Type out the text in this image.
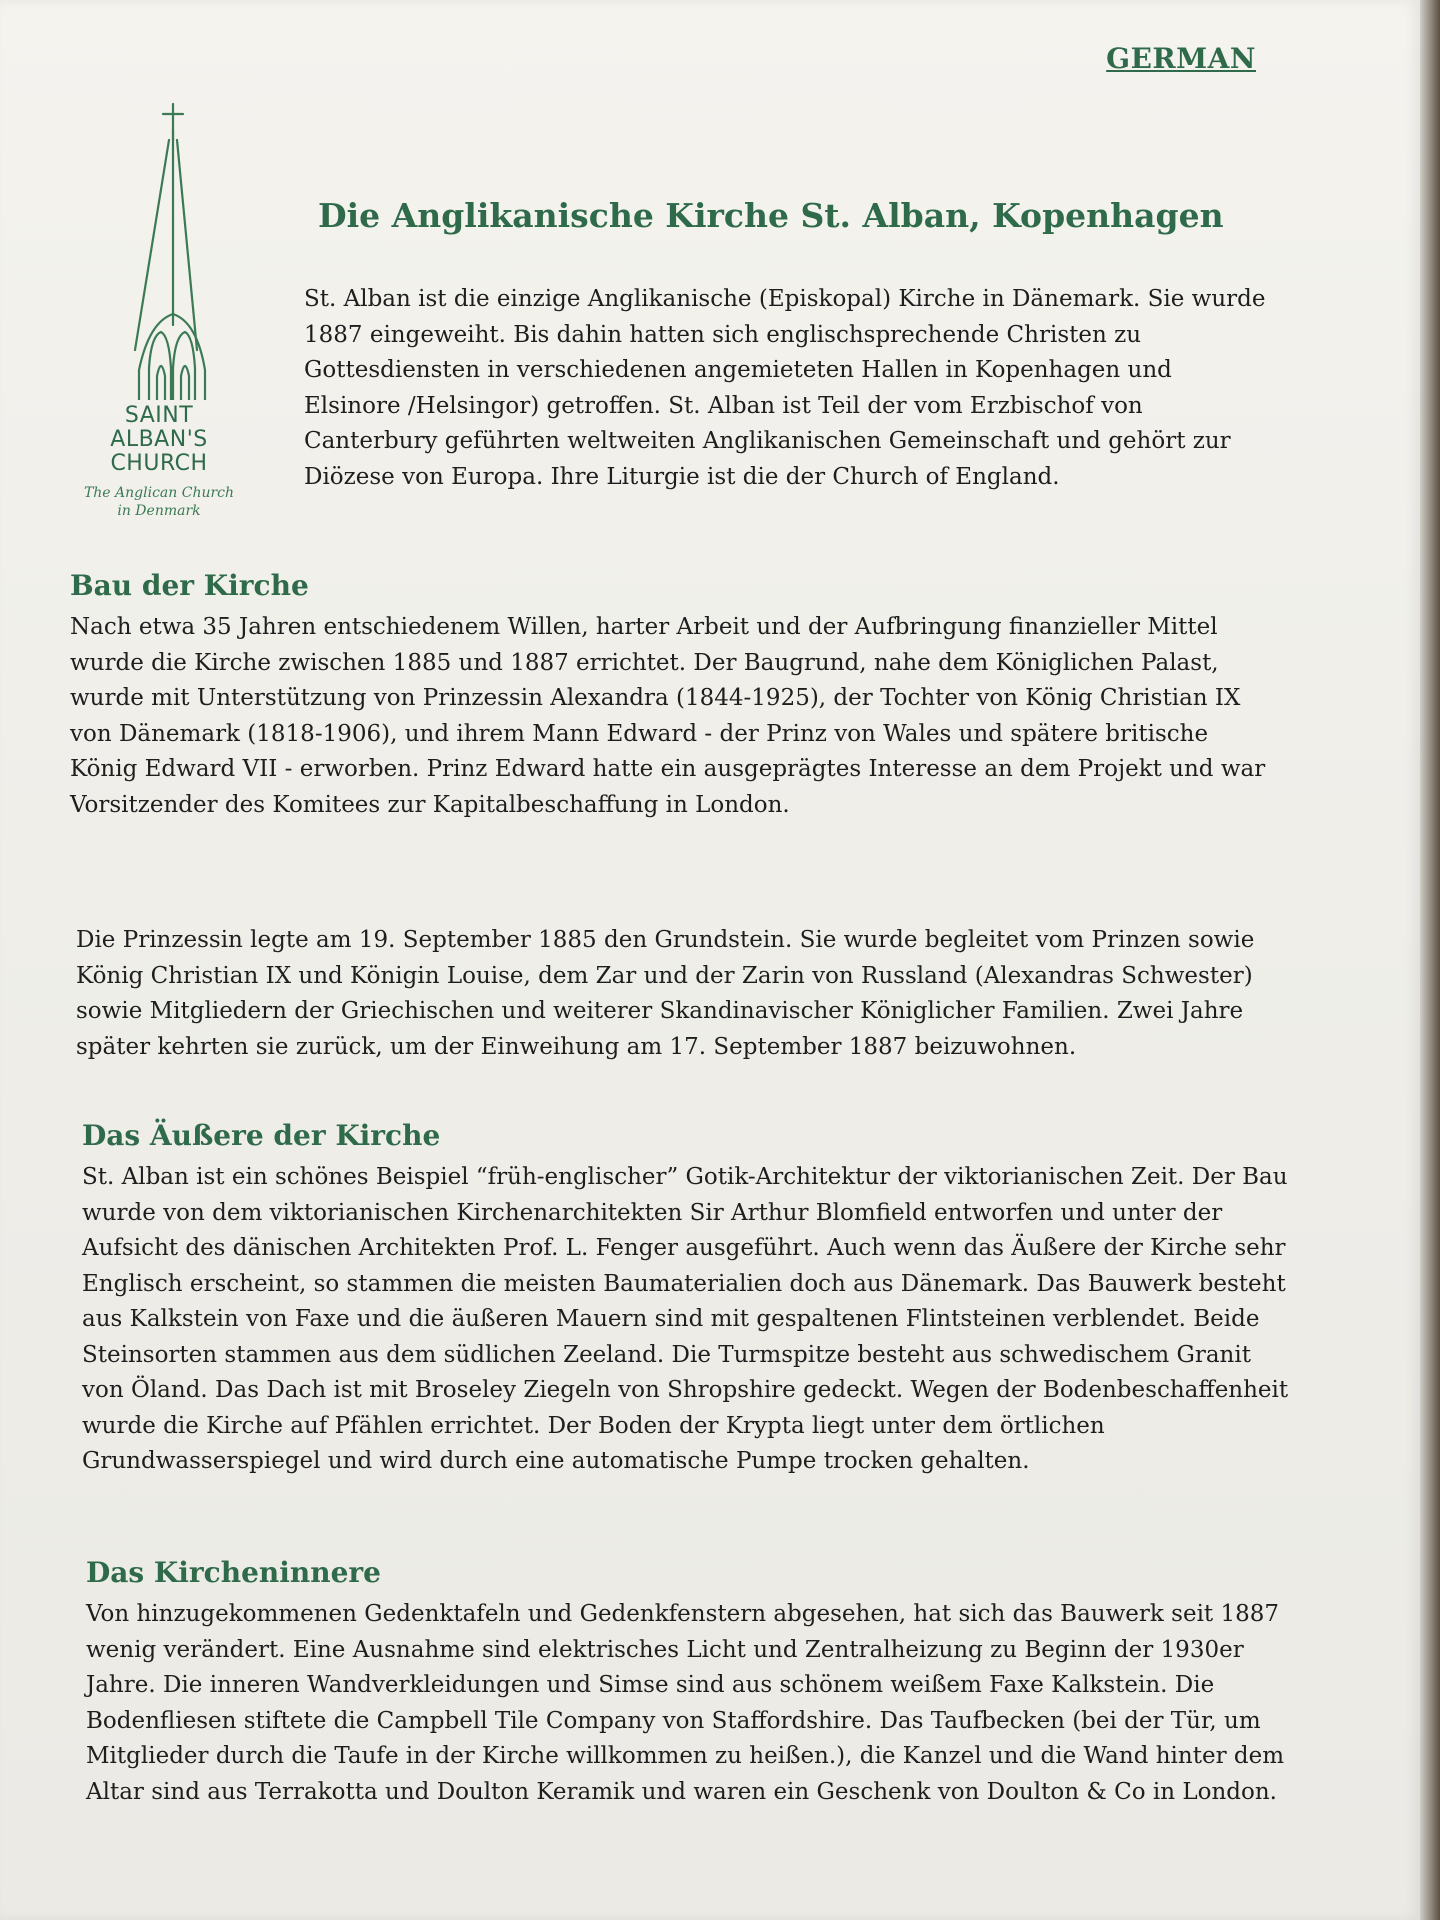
GERMAN
SAINT
ALBAN'S
CHURCH
The Anglican Church
in Denmark
Die Anglikanische Kirche St. Alban, Kopenhagen

St. Alban ist die einzige Anglikanische (Episkopal) Kirche in Dänemark. Sie wurde 1887 eingeweiht. Bis dahin hatten sich englischsprechende Christen zu Gottesdiensten in verschiedenen angemieteten Hallen in Kopenhagen und Elsinore /Helsingor) getroffen. St. Alban ist Teil der vom Erzbischof von Canterbury geführten weltweiten Anglikanischen Gemeinschaft und gehört zur Diözese von Europa. Ihre Liturgie ist die der Church of England.

Bau der Kirche

Nach etwa 35 Jahren entschiedenem Willen, harter Arbeit und der Aufbringung finanzieller Mittel wurde die Kirche zwischen 1885 und 1887 errichtet. Der Baugrund, nahe dem Königlichen Palast, wurde mit Unterstützung von Prinzessin Alexandra (1844-1925), der Tochter von König Christian IX von Dänemark (1818-1906), und ihrem Mann Edward - der Prinz von Wales und spätere britische König Edward VII - erworben. Prinz Edward hatte ein ausgeprägtes Interesse an dem Projekt und war Vorsitzender des Komitees zur Kapitalbeschaffung in London.

Die Prinzessin legte am 19. September 1885 den Grundstein. Sie wurde begleitet vom Prinzen sowie König Christian IX und Königin Louise, dem Zar und der Zarin von Russland (Alexandras Schwester) sowie Mitgliedern der Griechischen und weiterer Skandinavischer Königlicher Familien. Zwei Jahre später kehrten sie zurück, um der Einweihung am 17. September 1887 beizuwohnen.

Das Äußere der Kirche

St. Alban ist ein schönes Beispiel “früh-englischer” Gotik-Architektur der viktorianischen Zeit. Der Bau wurde von dem viktorianischen Kirchenarchitekten Sir Arthur Blomfield entworfen und unter der Aufsicht des dänischen Architekten Prof. L. Fenger ausgeführt. Auch wenn das Äußere der Kirche sehr Englisch erscheint, so stammen die meisten Baumaterialien doch aus Dänemark. Das Bauwerk besteht aus Kalkstein von Faxe und die äußeren Mauern sind mit gespaltenen Flintsteinen verblendet. Beide Steinsorten stammen aus dem südlichen Zeeland. Die Turmspitze besteht aus schwedischem Granit von Öland. Das Dach ist mit Broseley Ziegeln von Shropshire gedeckt. Wegen der Bodenbeschaffenheit wurde die Kirche auf Pfählen errichtet. Der Boden der Krypta liegt unter dem örtlichen Grundwasserspiegel und wird durch eine automatische Pumpe trocken gehalten.

Das Kircheninnere

Von hinzugekommenen Gedenktafeln und Gedenkfenstern abgesehen, hat sich das Bauwerk seit 1887 wenig verändert. Eine Ausnahme sind elektrisches Licht und Zentralheizung zu Beginn der 1930er Jahre. Die inneren Wandverkleidungen und Simse sind aus schönem weißem Faxe Kalkstein. Die Bodenfliesen stiftete die Campbell Tile Company von Staffordshire. Das Taufbecken (bei der Tür, um Mitglieder durch die Taufe in der Kirche willkommen zu heißen.), die Kanzel und die Wand hinter dem Altar sind aus Terrakotta und Doulton Keramik und waren ein Geschenk von Doulton & Co in London.
